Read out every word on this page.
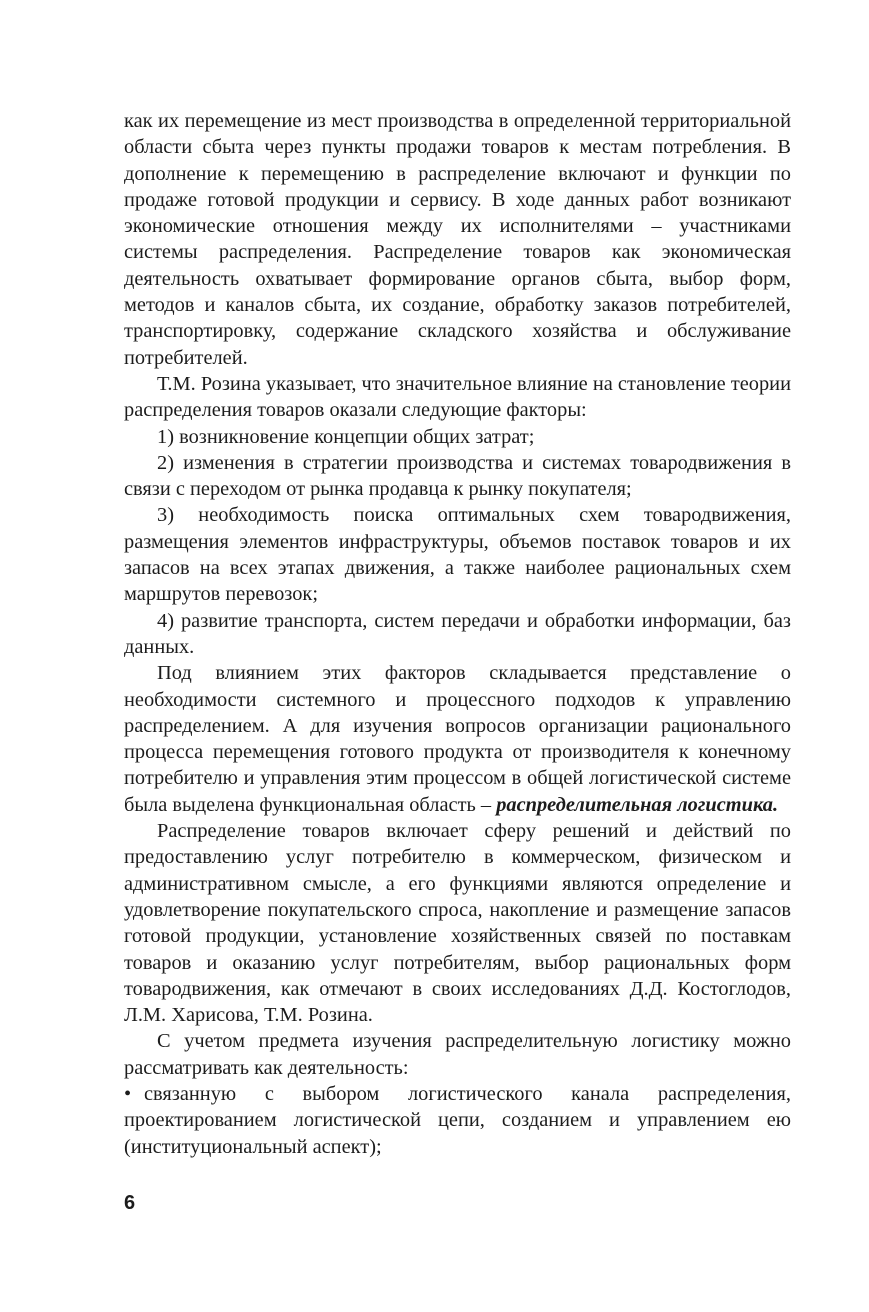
как их перемещение из мест производства в определенной территориальной области сбыта через пункты продажи товаров к местам потребления. В дополнение к перемещению в распределение включают и функции по продаже готовой продукции и сервису. В ходе данных работ возникают экономические отношения между их исполнителями – участниками системы распределения. Распределение товаров как экономическая деятельность охватывает формирование органов сбыта, выбор форм, методов и каналов сбыта, их создание, обработку заказов потребителей, транспортировку, содержание складского хозяйства и обслуживание потребителей.

Т.М. Розина указывает, что значительное влияние на становление теории распределения товаров оказали следующие факторы:

1) возникновение концепции общих затрат;

2) изменения в стратегии производства и системах товародвижения в связи с переходом от рынка продавца к рынку покупателя;

3) необходимость поиска оптимальных схем товародвижения, размещения элементов инфраструктуры, объемов поставок товаров и их запасов на всех этапах движения, а также наиболее рациональных схем маршрутов перевозок;

4) развитие транспорта, систем передачи и обработки информации, баз данных.

Под влиянием этих факторов складывается представление о необходимости системного и процессного подходов к управлению распределением. А для изучения вопросов организации рационального процесса перемещения готового продукта от производителя к конечному потребителю и управления этим процессом в общей логистической системе была выделена функциональная область – распределительная логистика.

Распределение товаров включает сферу решений и действий по предоставлению услуг потребителю в коммерческом, физическом и административном смысле, а его функциями являются определение и удовлетворение покупательского спроса, накопление и размещение запасов готовой продукции, установление хозяйственных связей по поставкам товаров и оказанию услуг потребителям, выбор рациональных форм товародвижения, как отмечают в своих исследованиях Д.Д. Костоглодов, Л.М. Харисова, Т.М. Розина.

С учетом предмета изучения распределительную логистику можно рассматривать как деятельность:

• связанную с выбором логистического канала распределения, проектированием логистической цепи, созданием и управлением ею (институциональный аспект);

6
